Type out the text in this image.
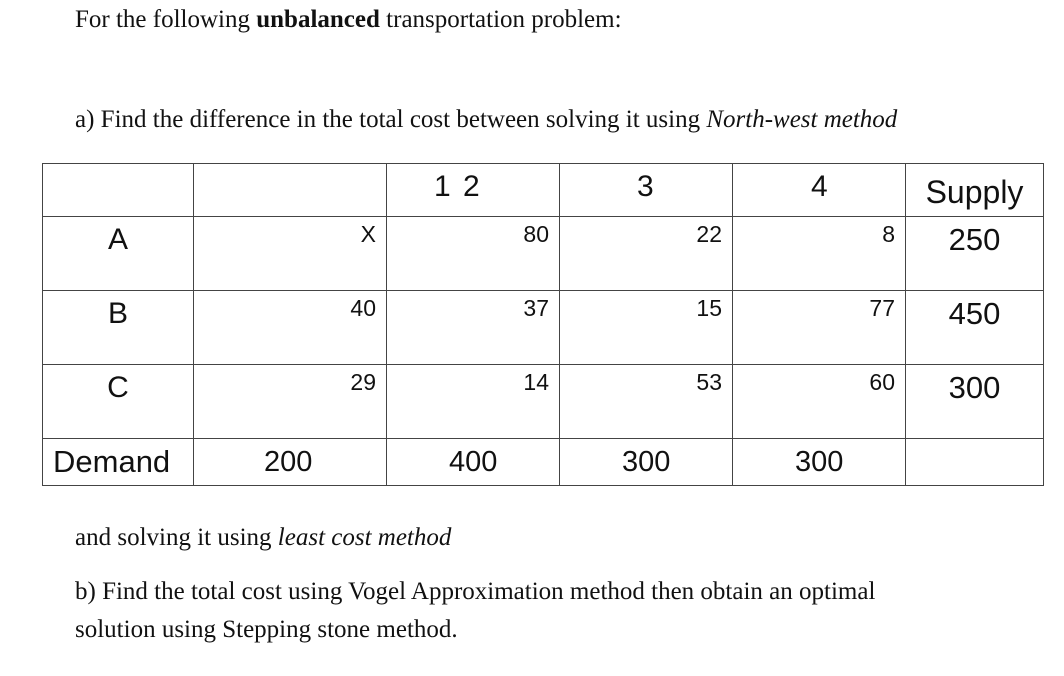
For the following unbalanced transportation problem:
a) Find the difference in the total cost between solving it using North-west method

	1	2	3	4	Supply

A	X	80	22	8	250

B	40	37	15	77	450

C	29	14	53	60	300

Demand	200	400	300	300	

and solving it using least cost method
b) Find the total cost using Vogel Approximation method then obtain an optimal
solution using Stepping stone method.
